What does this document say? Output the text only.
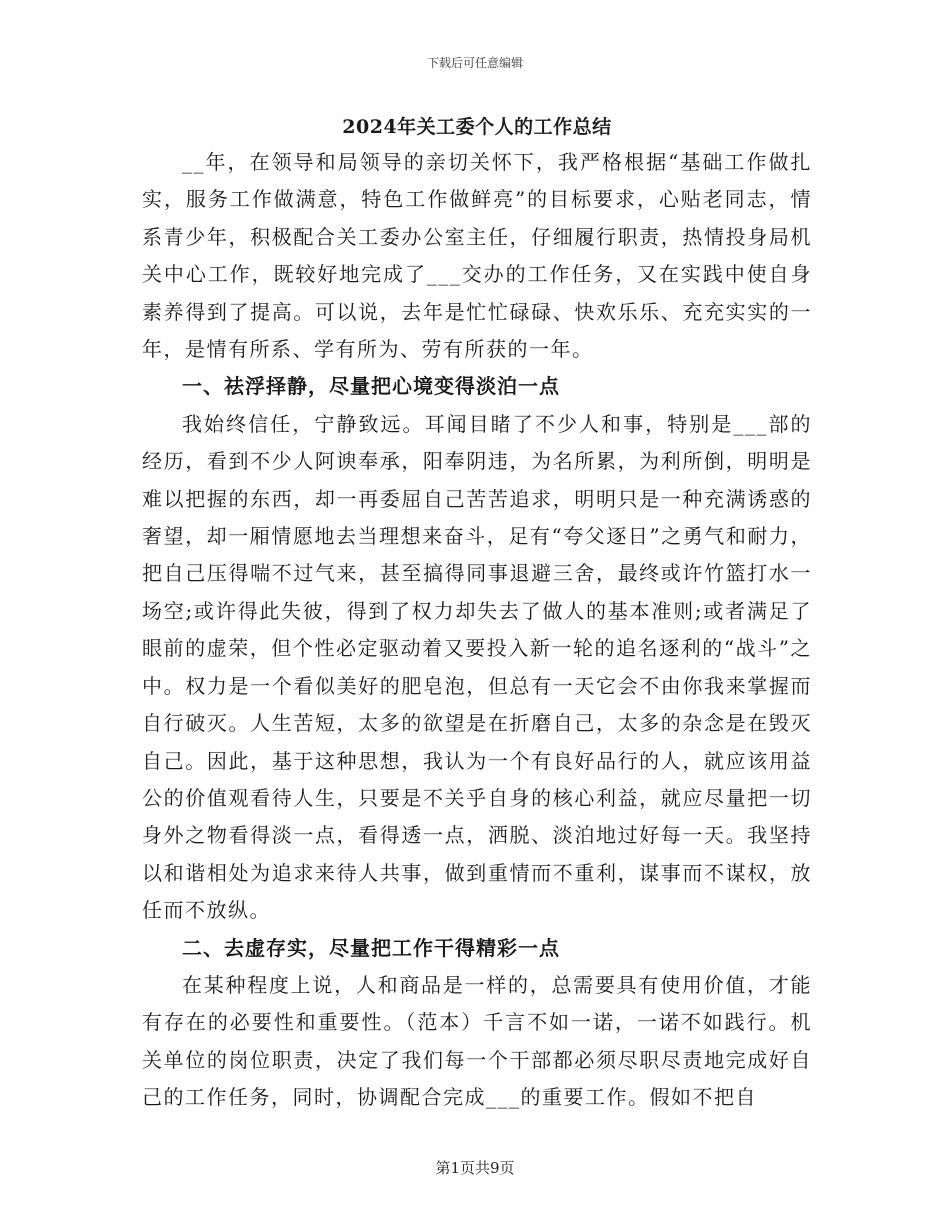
下载后可任意编辑
2024年关工委个人的工作总结

__年，在领导和局领导的亲切关怀下，我严格根据“基础工作做扎实，服务工作做满意，特色工作做鲜亮”的目标要求，心贴老同志，情系青少年，积极配合关工委办公室主任，仔细履行职责，热情投身局机关中心工作，既较好地完成了___交办的工作任务，又在实践中使自身素养得到了提高。可以说，去年是忙忙碌碌、快欢乐乐、充充实实的一年，是情有所系、学有所为、劳有所获的一年。

一、祛浮择静，尽量把心境变得淡泊一点

我始终信任，宁静致远。耳闻目睹了不少人和事，特别是___部的经历，看到不少人阿谀奉承，阳奉阴违，为名所累，为利所倒，明明是难以把握的东西，却一再委屈自己苦苦追求，明明只是一种充满诱惑的奢望，却一厢情愿地去当理想来奋斗，足有“夸父逐日”之勇气和耐力，把自己压得喘不过气来，甚至搞得同事退避三舍，最终或许竹篮打水一场空;或许得此失彼，得到了权力却失去了做人的基本准则;或者满足了眼前的虚荣，但个性必定驱动着又要投入新一轮的追名逐利的“战斗”之中。权力是一个看似美好的肥皂泡，但总有一天它会不由你我来掌握而自行破灭。人生苦短，太多的欲望是在折磨自己，太多的杂念是在毁灭自己。因此，基于这种思想，我认为一个有良好品行的人，就应该用益公的价值观看待人生，只要是不关乎自身的核心利益，就应尽量把一切身外之物看得淡一点，看得透一点，洒脱、淡泊地过好每一天。我坚持以和谐相处为追求来待人共事，做到重情而不重利，谋事而不谋权，放任而不放纵。

二、去虚存实，尽量把工作干得精彩一点

在某种程度上说，人和商品是一样的，总需要具有使用价值，才能有存在的必要性和重要性。（范本）千言不如一诺，一诺不如践行。机关单位的岗位职责，决定了我们每一个干部都必须尽职尽责地完成好自己的工作任务，同时，协调配合完成___的重要工作。假如不把自

第1页共9页
